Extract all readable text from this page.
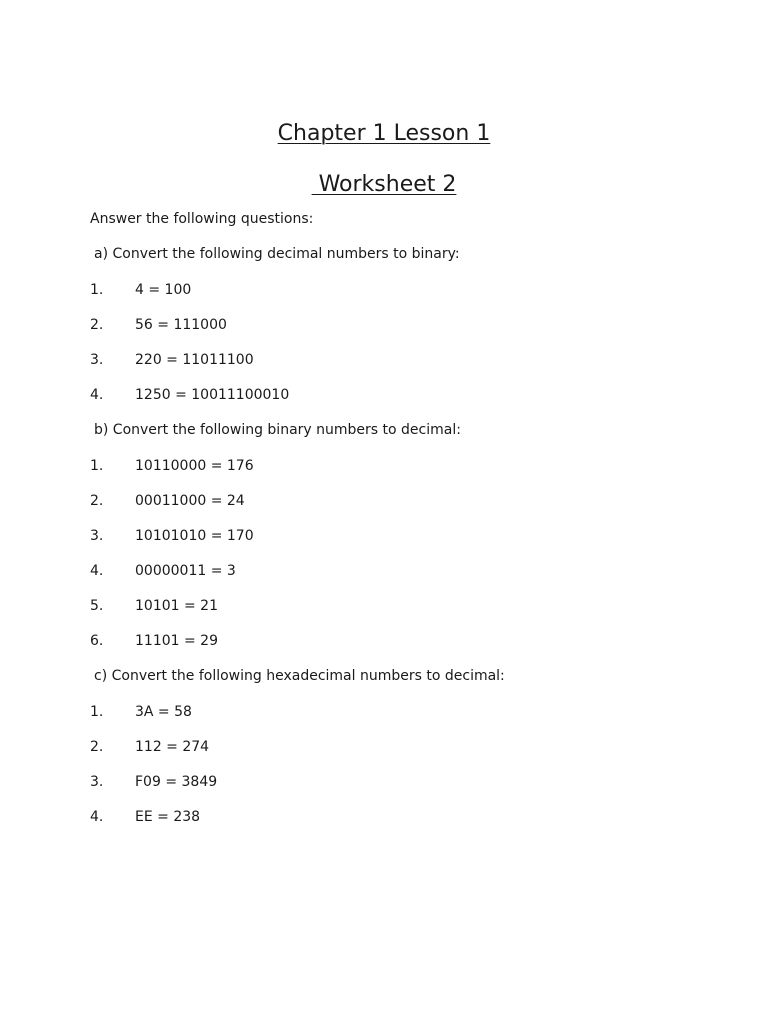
Chapter 1 Lesson 1
Worksheet 2
Answer the following questions:
a) Convert the following decimal numbers to binary:

1.

4 = 100

2.

56 = 111000

3.

220 = 11011100

4.

1250 = 10011100010

b) Convert the following binary numbers to decimal:

1.

10110000 = 176

2.

00011000 = 24

3.

10101010 = 170

4.

00000011 = 3

5.

10101 = 21

6.

11101 = 29

c) Convert the following hexadecimal numbers to decimal:

1.

3A = 58

2.

112 = 274

3.

F09 = 3849

4.

EE = 238
